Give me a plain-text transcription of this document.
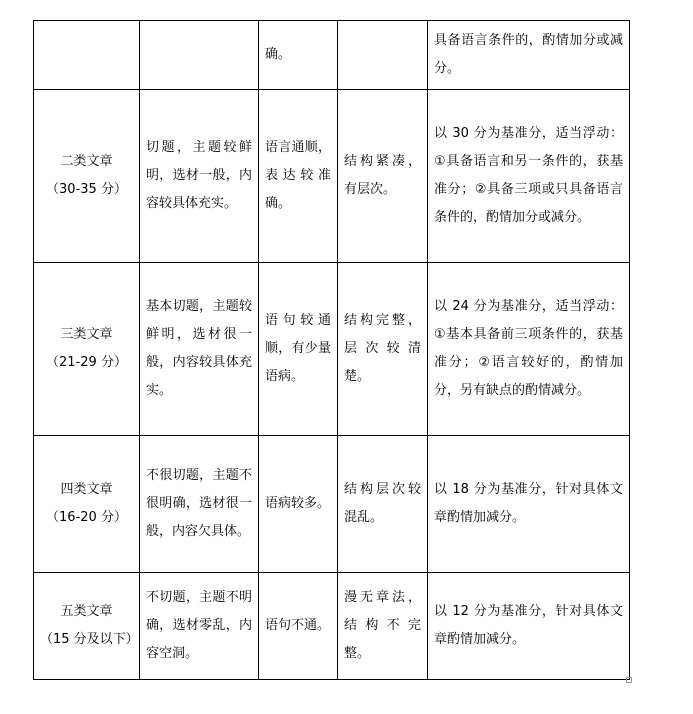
		确。		具备语言条件的，酌情加分或减分。

二类文章
（30-35 分）	切题，主题较鲜明，选材一般，内容较具体充实。	语言通顺，表达较准确。	结构紧凑，有层次。	以 30 分为基准分，适当浮动：①具备语言和另一条件的，获基准分；②具备三项或只具备语言条件的，酌情加分或减分。

三类文章
（21-29 分）	基本切题，主题较鲜明，选材很一般，内容较具体充实。	语句较通顺，有少量语病。	结构完整，层次较清楚。	以 24 分为基准分，适当浮动：①基本具备前三项条件的，获基准分；②语言较好的，酌情加分，另有缺点的酌情减分。

四类文章
（16-20 分）	不很切题，主题不很明确，选材很一般，内容欠具体。	语病较多。	结构层次较混乱。	以 18 分为基准分，针对具体文章酌情加减分。

五类文章
（15 分及以下）	不切题，主题不明确，选材零乱，内容空洞。	语句不通。	漫无章法，结构不完整。	以 12 分为基准分，针对具体文章酌情加减分。
